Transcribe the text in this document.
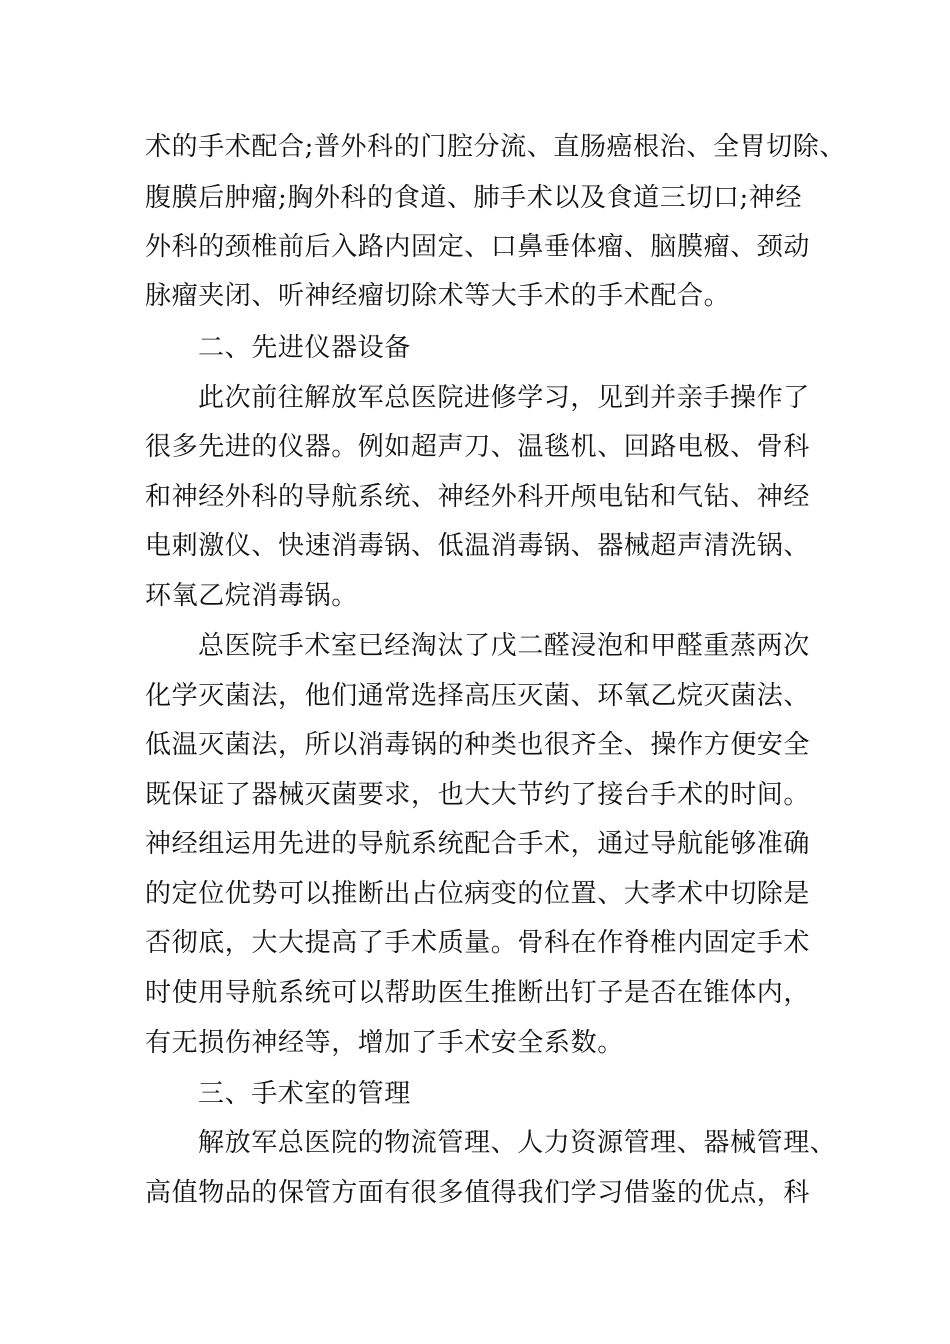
术的手术配合;普外科的门腔分流、直肠癌根治、全胃切除、
腹膜后肿瘤;胸外科的食道、肺手术以及食道三切口;神经
外科的颈椎前后入路内固定、口鼻垂体瘤、脑膜瘤、颈动
脉瘤夹闭、听神经瘤切除术等大手术的手术配合。
二、先进仪器设备
此次前往解放军总医院进修学习，见到并亲手操作了
很多先进的仪器。例如超声刀、温毯机、回路电极、骨科
和神经外科的导航系统、神经外科开颅电钻和气钻、神经
电刺激仪、快速消毒锅、低温消毒锅、器械超声清洗锅、
环氧乙烷消毒锅。
总医院手术室已经淘汰了戊二醛浸泡和甲醛重蒸两次
化学灭菌法，他们通常选择高压灭菌、环氧乙烷灭菌法、
低温灭菌法，所以消毒锅的种类也很齐全、操作方便安全
既保证了器械灭菌要求，也大大节约了接台手术的时间。
神经组运用先进的导航系统配合手术，通过导航能够准确
的定位优势可以推断出占位病变的位置、大孝术中切除是
否彻底，大大提高了手术质量。骨科在作脊椎内固定手术
时使用导航系统可以帮助医生推断出钉子是否在锥体内，
有无损伤神经等，增加了手术安全系数。
三、手术室的管理
解放军总医院的物流管理、人力资源管理、器械管理、
高值物品的保管方面有很多值得我们学习借鉴的优点，科
